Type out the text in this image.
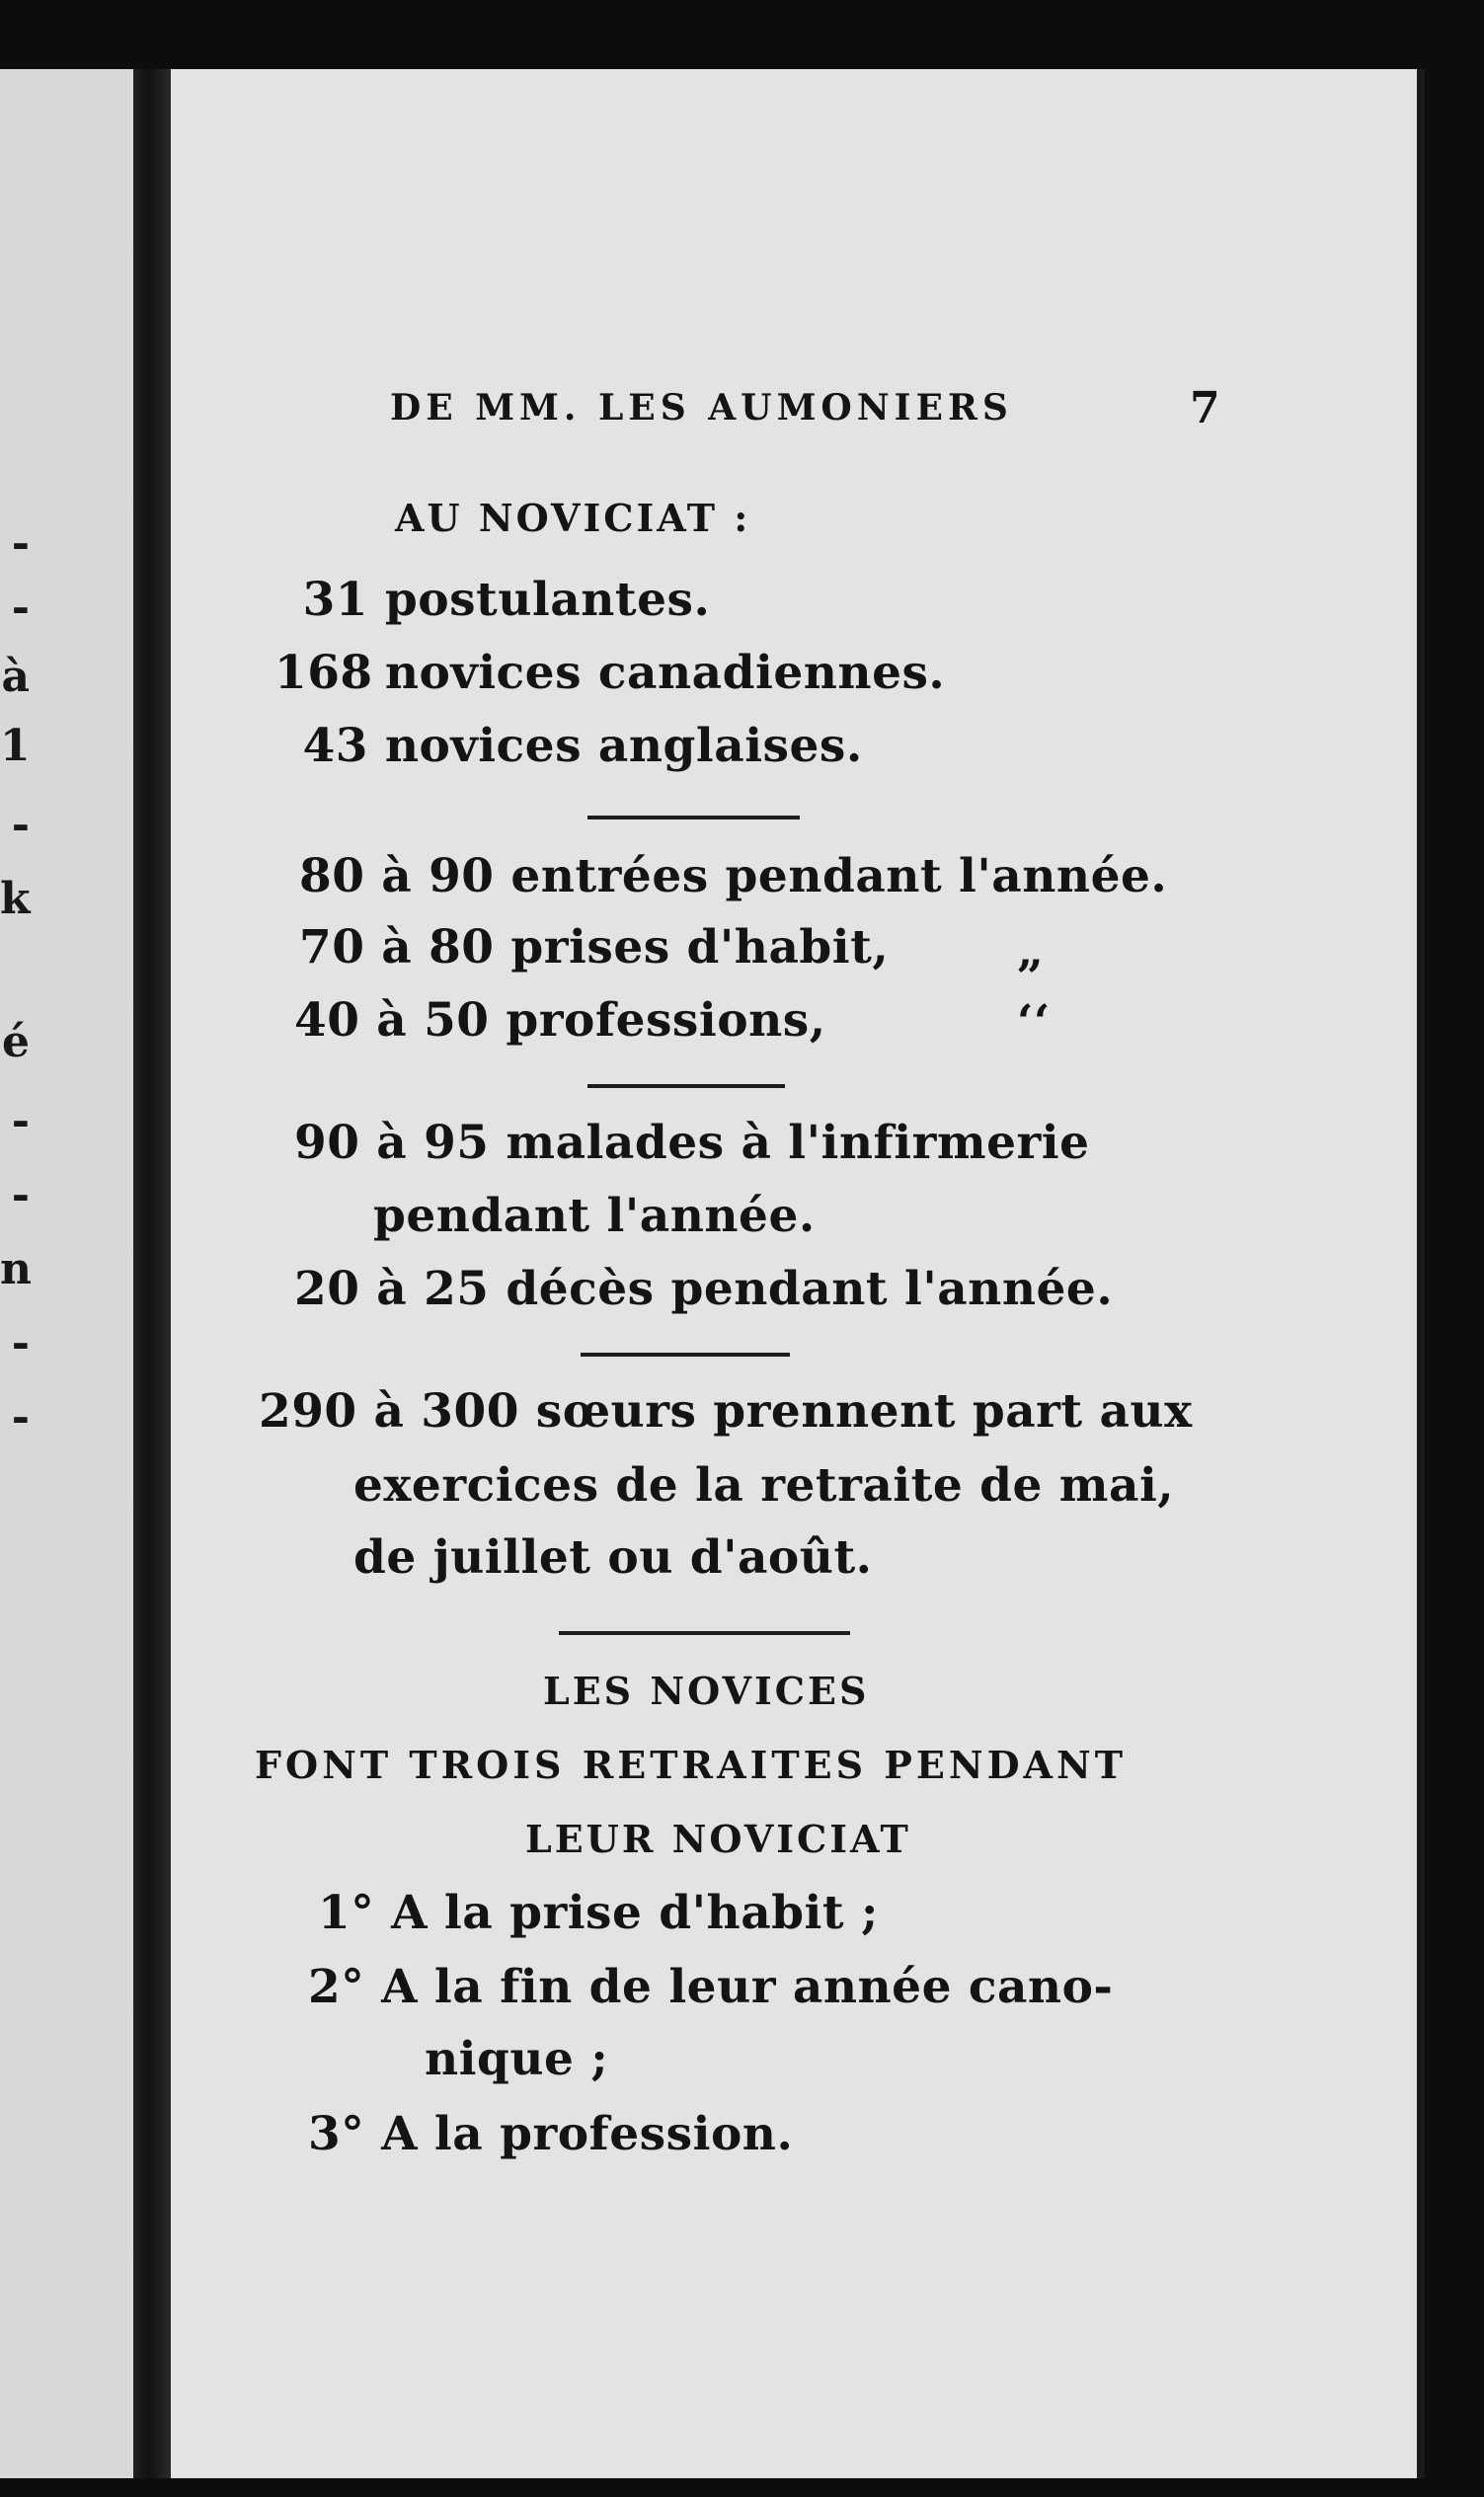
-
-
à
1
-
k
é
-
-
n
-
-
DE MM. LES AUMONIERS	7
AU NOVICIAT :
31 postulantes.
168 novices canadiennes.
43 novices anglaises.
80 à 90 entrées pendant l'année.
70 à 80 prises d'habit,	„
40 à 50 professions,	‘‘
90 à 95 malades à l'infirmerie
pendant l'année.
20 à 25 décès pendant l'année.
290 à 300 sœurs prennent part aux
exercices de la retraite de mai,
de juillet ou d'août.
LES NOVICES
FONT TROIS RETRAITES PENDANT
LEUR NOVICIAT
1° A la prise d'habit ;
2° A la fin de leur année cano-
nique ;
3° A la profession.
